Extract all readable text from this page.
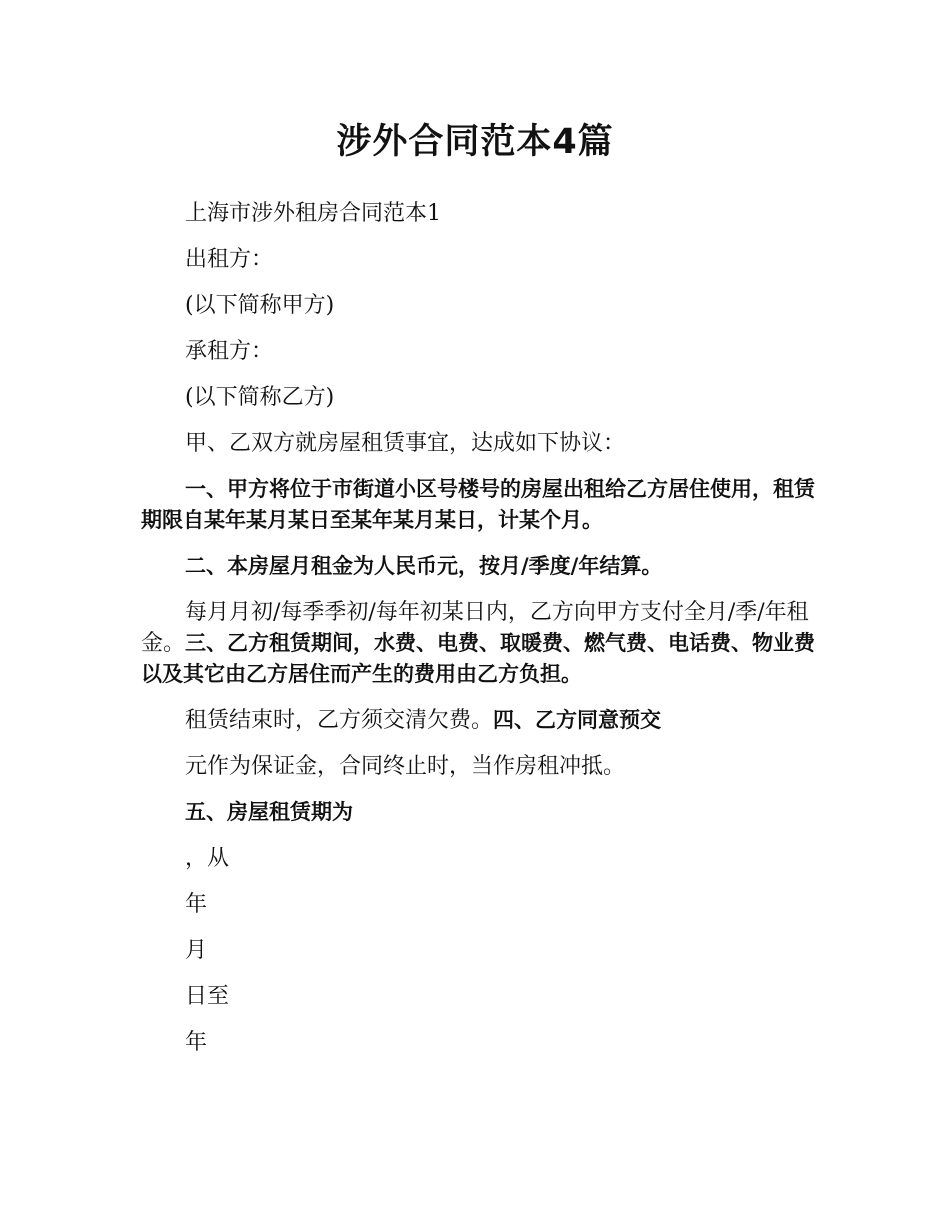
涉外合同范本4篇

上海市涉外租房合同范本1

出租方：

(以下简称甲方)

承租方：

(以下简称乙方)

甲、乙双方就房屋租赁事宜，达成如下协议：

一、甲方将位于市街道小区号楼号的房屋出租给乙方居住使用，租赁期限自某年某月某日至某年某月某日，计某个月。

二、本房屋月租金为人民币元，按月/季度/年结算。

每月月初/每季季初/每年初某日内，乙方向甲方支付全月/季/年租金。三、乙方租赁期间，水费、电费、取暖费、燃气费、电话费、物业费以及其它由乙方居住而产生的费用由乙方负担。

租赁结束时，乙方须交清欠费。四、乙方同意预交

元作为保证金，合同终止时，当作房租冲抵。

五、房屋租赁期为

，从

年

月

日至

年
